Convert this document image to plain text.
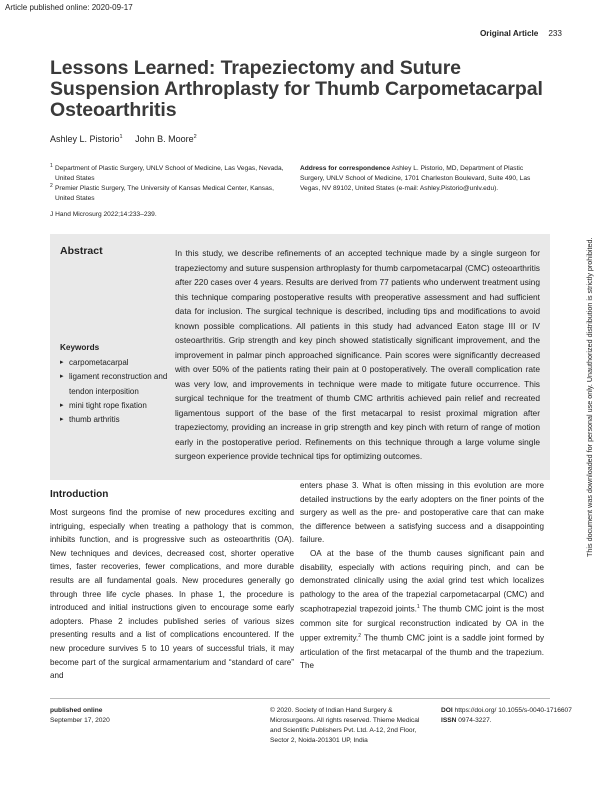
Article published online: 2020-09-17
Original Article 233
This document was downloaded for personal use only. Unauthorized distribution is strictly prohibited.
Lessons Learned: Trapeziectomy and Suture Suspension Arthroplasty for Thumb Carpometacarpal Osteoarthritis
Ashley L. Pistorio$^1$ John B. Moore$^2$
1 Department of Plastic Surgery, UNLV School of Medicine, Las Vegas, Nevada, United States
2 Premier Plastic Surgery, The University of Kansas Medical Center, Kansas, United States
Address for correspondence Ashley L. Pistorio, MD, Department of Plastic Surgery, UNLV School of Medicine, 1701 Charleston Boulevard, Suite 490, Las Vegas, NV 89102, United States (e-mail: Ashley.Pistorio@unlv.edu).
J Hand Microsurg 2022;14:233–239.
Abstract	In this study, we describe refinements of an accepted technique made by a single surgeon for trapeziectomy and suture suspension arthroplasty for thumb carpometacarpal (CMC) osteoarthritis after 220 cases over 4 years. Results are derived from 77 patients who underwent treatment using this technique comparing postoperative results with preoperative assessment and had sufficient data for inclusion. The surgical technique is described, including tips and modifications to avoid known possible complications. All patients in this study had advanced Eaton stage III or IV osteoarthritis. Grip strength and key pinch showed statistically significant improvement, and the improvement in palmar pinch approached significance. Pain scores were significantly decreased with over 50% of the patients rating their pain at 0 postoperatively. The overall complication rate was very low, and improvements in technique were made to mitigate future occurrence. This surgical technique for the treatment of thumb CMC arthritis achieved pain relief and recreated ligamentous support of the base of the first metacarpal to resist proximal migration after trapeziectomy, providing an increase in grip strength and key pinch with return of range of motion early in the postoperative period. Refinements on this technique through a large volume single surgeon experience provide technical tips for optimizing outcomes.
Keywords
▸ carpometacarpal
▸ ligament reconstruction and tendon interposition
▸ mini tight rope fixation
▸ thumb arthritis
Introduction

Most surgeons find the promise of new procedures exciting and intriguing, especially when treating a pathology that is common, inhibits function, and is progressive such as osteoarthritis (OA). New techniques and devices, decreased cost, shorter operative times, faster recoveries, fewer complications, and more durable results are all fundamental goals. New procedures generally go through three life cycle phases. In phase 1, the procedure is introduced and initial instructions given to encourage some early adopters. Phase 2 includes published series of various sizes presenting results and a list of complications encountered. If the new procedure survives 5 to 10 years of successful trials, it may become part of the surgical armamentarium and “standard of care” and

enters phase 3. What is often missing in this evolution are more detailed instructions by the early adopters on the finer points of the surgery as well as the pre- and postoperative care that can make the difference between a satisfying success and a disappointing failure.

OA at the base of the thumb causes significant pain and disability, especially with actions requiring pinch, and can be demonstrated clinically using the axial grind test which localizes pathology to the area of the trapezial carpometacarpal (CMC) and scaphotrapezial trapezoid joints.$^1$ The thumb CMC joint is the most common site for surgical reconstruction indicated by OA in the upper extremity.$^2$ The thumb CMC joint is a saddle joint formed by articulation of the first metacarpal of the thumb and the trapezium. The

published online
September 17, 2020
© 2020. Society of Indian Hand Surgery & Microsurgeons. All rights reserved. Thieme Medical and Scientific Publishers Pvt. Ltd. A-12, 2nd Floor, Sector 2, Noida-201301 UP, India
DOI https://doi.org/ 10.1055/s-0040-1716607
ISSN 0974-3227.
